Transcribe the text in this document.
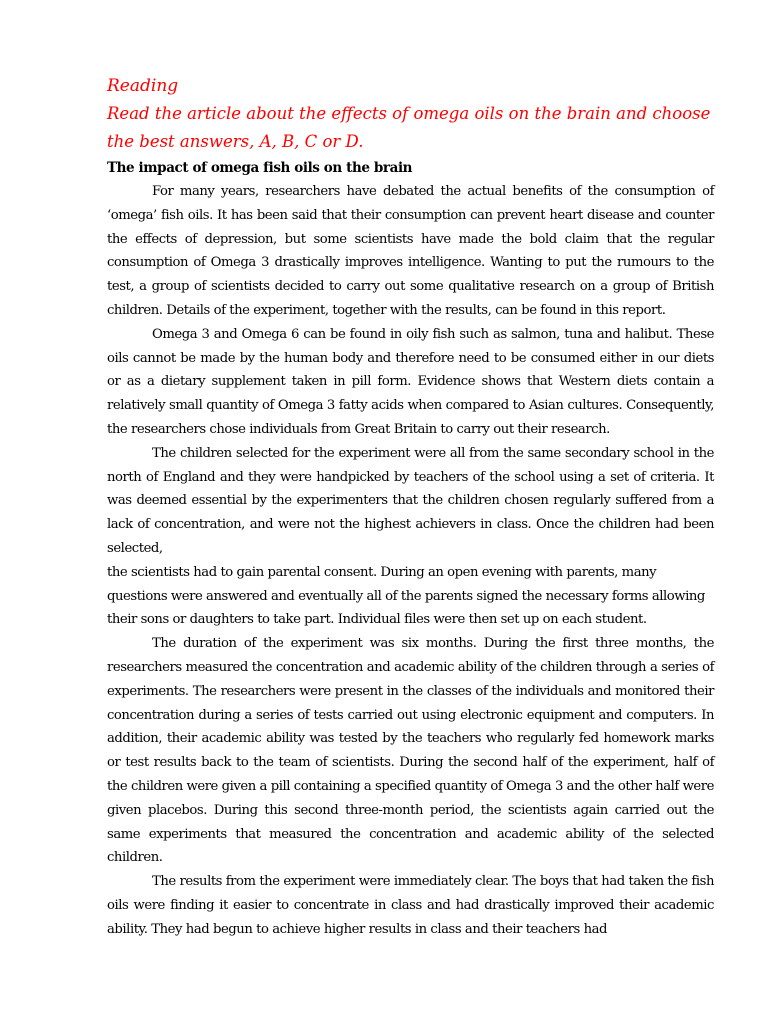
Reading

Read the article about the effects of omega oils on the brain and choose the best answers, A, B, C or D.

The impact of omega fish oils on the brain

For many years, researchers have debated the actual benefits of the consumption of ‘omega’ fish oils. It has been said that their consumption can prevent heart disease and counter the effects of depression, but some scientists have made the bold claim that the regular consumption of Omega 3 drastically improves intelligence. Wanting to put the rumours to the test, a group of scientists decided to carry out some qualitative research on a group of British children. Details of the experiment, together with the results, can be found in this report.

Omega 3 and Omega 6 can be found in oily fish such as salmon, tuna and halibut. These oils cannot be made by the human body and therefore need to be consumed either in our diets or as a dietary supplement taken in pill form. Evidence shows that Western diets contain a relatively small quantity of Omega 3 fatty acids when compared to Asian cultures. Consequently, the researchers chose individuals from Great Britain to carry out their research.

The children selected for the experiment were all from the same secondary school in the north of England and they were handpicked by teachers of the school using a set of criteria. It was deemed essential by the experimenters that the children chosen regularly suffered from a lack of concentration, and were not the highest achievers in class. Once the children had been selected,

the scientists had to gain parental consent. During an open evening with parents, many questions were answered and eventually all of the parents signed the necessary forms allowing their sons or daughters to take part. Individual files were then set up on each student.

The duration of the experiment was six months. During the first three months, the researchers measured the concentration and academic ability of the children through a series of experiments. The researchers were present in the classes of the individuals and monitored their concentration during a series of tests carried out using electronic equipment and computers. In addition, their academic ability was tested by the teachers who regularly fed homework marks or test results back to the team of scientists. During the second half of the experiment, half of the children were given a pill containing a specified quantity of Omega 3 and the other half were given placebos. During this second three-month period, the scientists again carried out the same experiments that measured the concentration and academic ability of the selected children.

The results from the experiment were immediately clear. The boys that had taken the fish oils were finding it easier to concentrate in class and had drastically improved their academic ability. They had begun to achieve higher results in class and their teachers had
